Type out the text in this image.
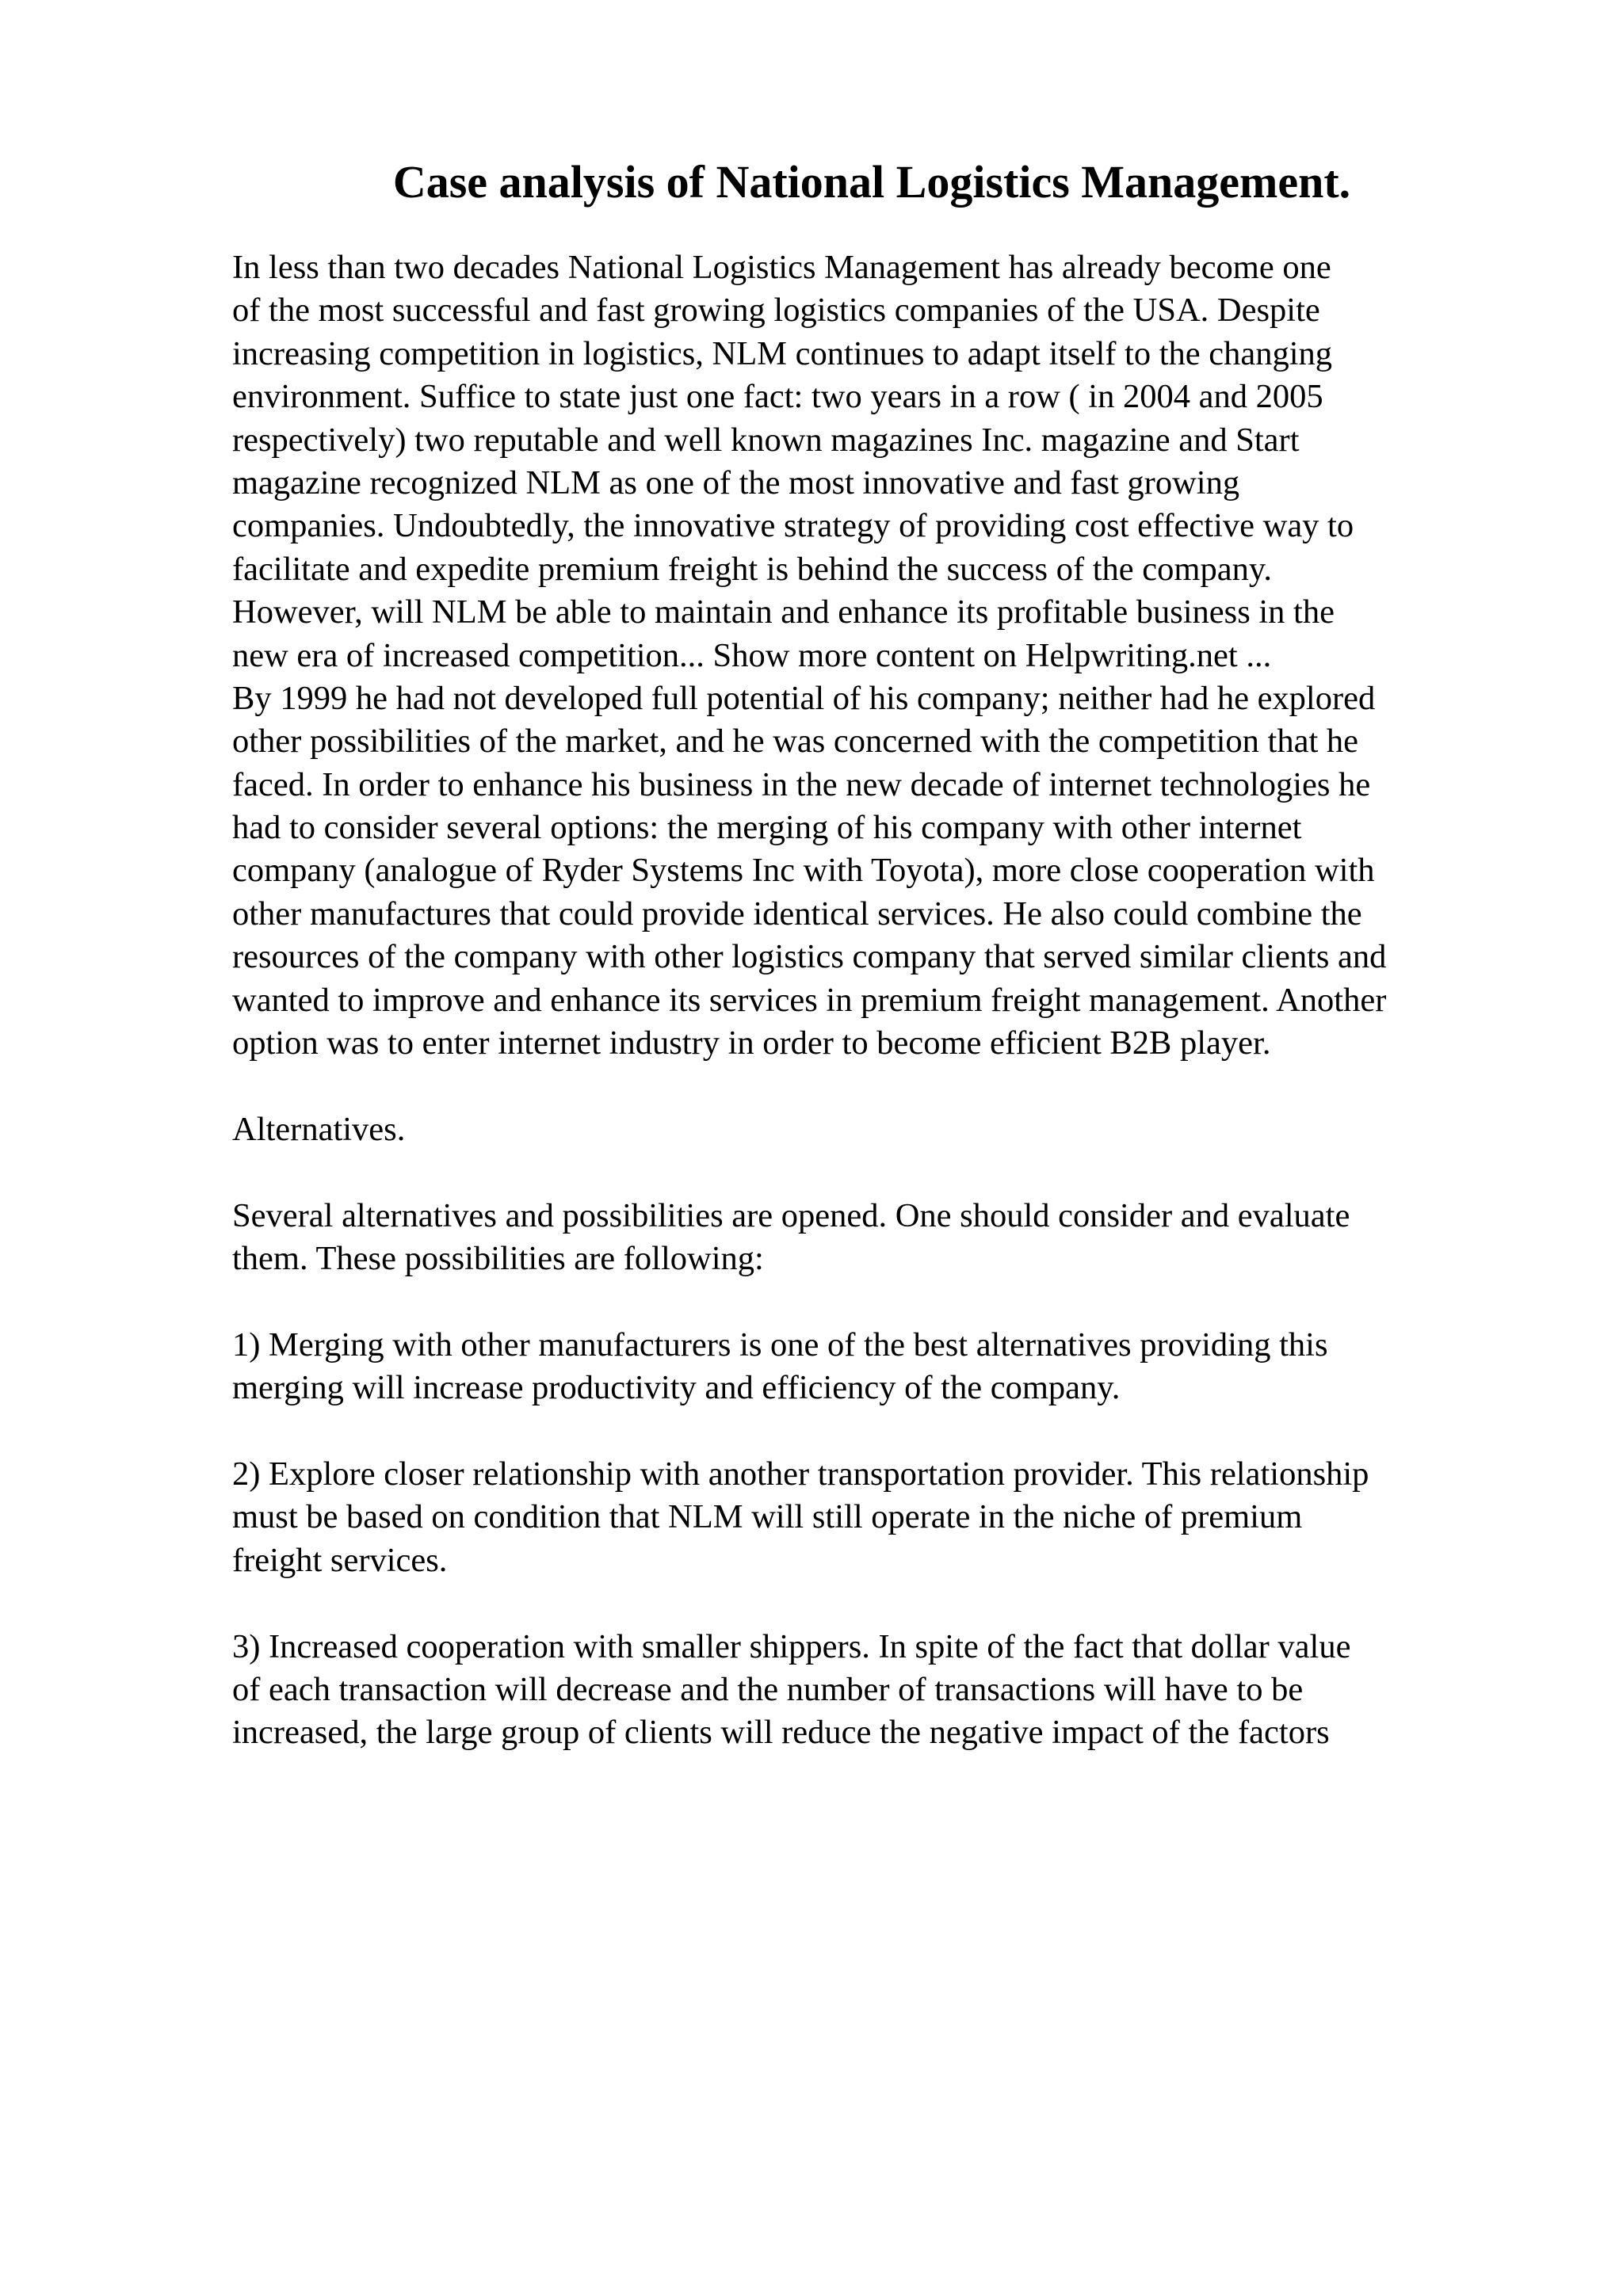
Case analysis of National Logistics Management.
In less than two decades National Logistics Management has already become one
of the most successful and fast growing logistics companies of the USA. Despite
increasing competition in logistics, NLM continues to adapt itself to the changing
environment. Suffice to state just one fact: two years in a row ( in 2004 and 2005
respectively) two reputable and well known magazines Inc. magazine and Start
magazine recognized NLM as one of the most innovative and fast growing
companies. Undoubtedly, the innovative strategy of providing cost effective way to
facilitate and expedite premium freight is behind the success of the company.
However, will NLM be able to maintain and enhance its profitable business in the
new era of increased competition... Show more content on Helpwriting.net ...
By 1999 he had not developed full potential of his company; neither had he explored
other possibilities of the market, and he was concerned with the competition that he
faced. In order to enhance his business in the new decade of internet technologies he
had to consider several options: the merging of his company with other internet
company (analogue of Ryder Systems Inc with Toyota), more close cooperation with
other manufactures that could provide identical services. He also could combine the
resources of the company with other logistics company that served similar clients and
wanted to improve and enhance its services in premium freight management. Another
option was to enter internet industry in order to become efficient B2B player.
Alternatives.
Several alternatives and possibilities are opened. One should consider and evaluate
them. These possibilities are following:
1) Merging with other manufacturers is one of the best alternatives providing this
merging will increase productivity and efficiency of the company.
2) Explore closer relationship with another transportation provider. This relationship
must be based on condition that NLM will still operate in the niche of premium
freight services.
3) Increased cooperation with smaller shippers. In spite of the fact that dollar value
of each transaction will decrease and the number of transactions will have to be
increased, the large group of clients will reduce the negative impact of the factors
